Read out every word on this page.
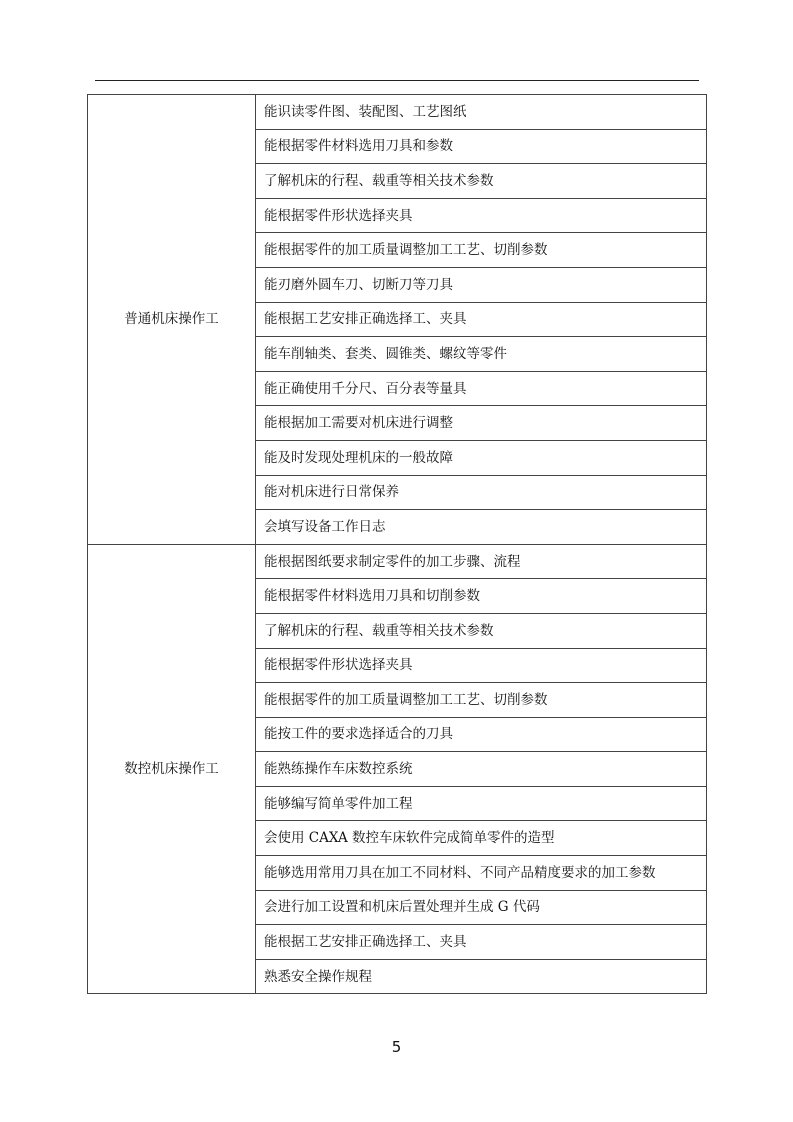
普通机床操作工	能识读零件图、装配图、工艺图纸
	能根据零件材料选用刀具和参数
	了解机床的行程、载重等相关技术参数
	能根据零件形状选择夹具
	能根据零件的加工质量调整加工工艺、切削参数
	能刃磨外圆车刀、切断刀等刀具
	能根据工艺安排正确选择工、夹具
	能车削轴类、套类、圆锥类、螺纹等零件
	能正确使用千分尺、百分表等量具
	能根据加工需要对机床进行调整
	能及时发现处理机床的一般故障
	能对机床进行日常保养
	会填写设备工作日志
数控机床操作工	能根据图纸要求制定零件的加工步骤、流程
	能根据零件材料选用刀具和切削参数
	了解机床的行程、载重等相关技术参数
	能根据零件形状选择夹具
	能根据零件的加工质量调整加工工艺、切削参数
	能按工件的要求选择适合的刀具
	能熟练操作车床数控系统
	能够编写简单零件加工程
	会使用 CAXA 数控车床软件完成简单零件的造型
	能够选用常用刀具在加工不同材料、不同产品精度要求的加工参数
	会进行加工设置和机床后置处理并生成 G 代码
	能根据工艺安排正确选择工、夹具
	熟悉安全操作规程
5
